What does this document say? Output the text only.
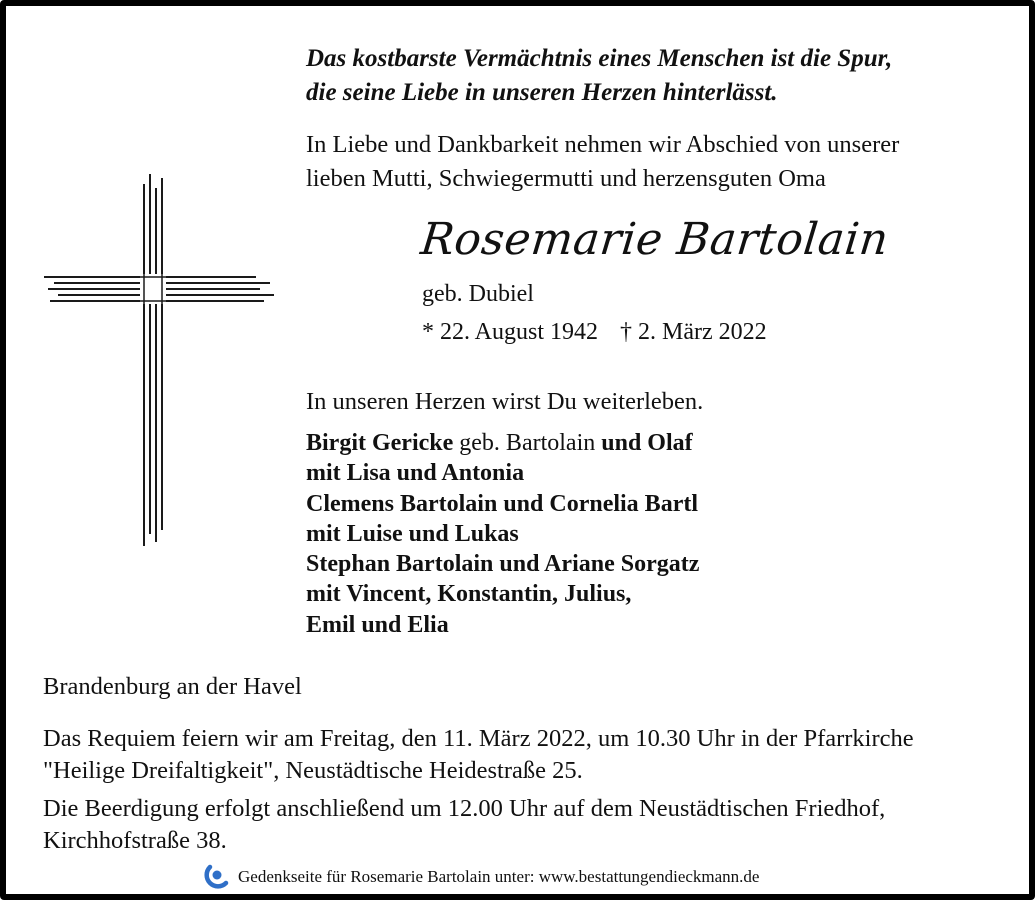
Das kostbarste Vermächtnis eines Menschen ist die Spur,
die seine Liebe in unseren Herzen hinterlässt.
In Liebe und Dankbarkeit nehmen wir Abschied von unserer
lieben Mutti, Schwiegermutti und herzensguten Oma
Rosemarie Bartolain
geb. Dubiel
* 22. August 1942 † 2. März 2022
In unseren Herzen wirst Du weiterleben.
Birgit Gericke geb. Bartolain und Olaf
mit Lisa und Antonia
Clemens Bartolain und Cornelia Bartl
mit Luise und Lukas
Stephan Bartolain und Ariane Sorgatz
mit Vincent, Konstantin, Julius,
Emil und Elia
Brandenburg an der Havel
Das Requiem feiern wir am Freitag, den 11. März 2022, um 10.30 Uhr in der Pfarrkirche
"Heilige Dreifaltigkeit", Neustädtische Heidestraße 25.
Die Beerdigung erfolgt anschließend um 12.00 Uhr auf dem Neustädtischen Friedhof,
Kirchhofstraße 38.
Gedenkseite für Rosemarie Bartolain unter: www.bestattungendieckmann.de
